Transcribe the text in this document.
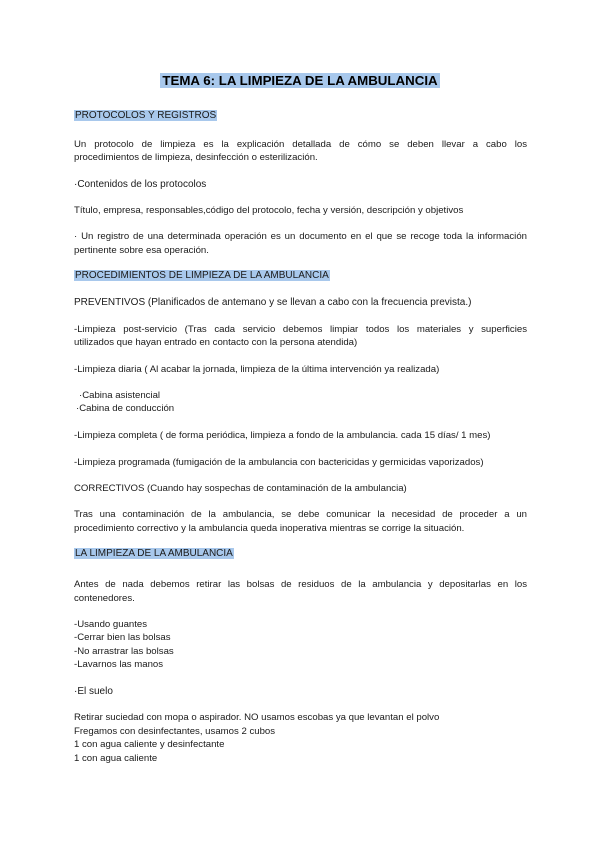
TEMA 6: LA LIMPIEZA DE LA AMBULANCIA
PROTOCOLOS Y REGISTROS
Un protocolo de limpieza es la explicación detallada de cómo se deben llevar a cabo los
procedimientos de limpieza, desinfección o esterilización.
·Contenidos de los protocolos
Título, empresa, responsables,código del protocolo, fecha y versión, descripción y objetivos
· Un registro de una determinada operación es un documento en el que se recoge toda la información
pertinente sobre esa operación.
PROCEDIMIENTOS DE LIMPIEZA DE LA AMBULANCIA
PREVENTIVOS (Planificados de antemano y se llevan a cabo con la frecuencia prevista.)
-Limpieza post-servicio (Tras cada servicio debemos limpiar todos los materiales y superficies
utilizados que hayan entrado en contacto con la persona atendida)
-Limpieza diaria ( Al acabar la jornada, limpieza de la última intervención ya realizada)
·Cabina asistencial
·Cabina de conducción
-Limpieza completa ( de forma periódica, limpieza a fondo de la ambulancia. cada 15 días/ 1 mes)
-Limpieza programada (fumigación de la ambulancia con bactericidas y germicidas vaporizados)
CORRECTIVOS (Cuando hay sospechas de contaminación de la ambulancia)
Tras una contaminación de la ambulancia, se debe comunicar la necesidad de proceder a un
procedimiento correctivo y la ambulancia queda inoperativa mientras se corrige la situación.
LA LIMPIEZA DE LA AMBULANCIA
Antes de nada debemos retirar las bolsas de residuos de la ambulancia y depositarlas en los
contenedores.
-Usando guantes
-Cerrar bien las bolsas
-No arrastrar las bolsas
-Lavarnos las manos
·El suelo
Retirar suciedad con mopa o aspirador. NO usamos escobas ya que levantan el polvo
Fregamos con desinfectantes, usamos 2 cubos
1 con agua caliente y desinfectante
1 con agua caliente
